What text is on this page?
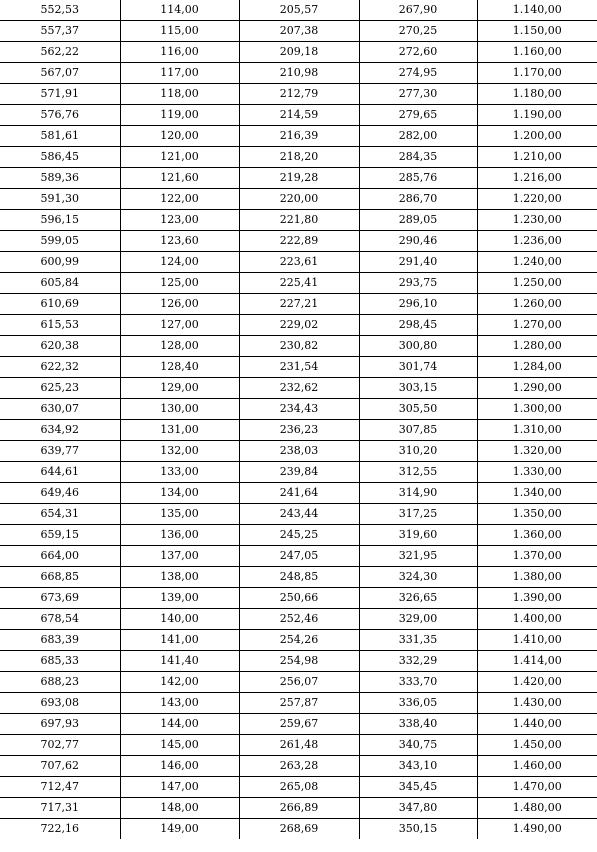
552,53	114,00	205,57	267,90	1.140,00
557,37	115,00	207,38	270,25	1.150,00
562,22	116,00	209,18	272,60	1.160,00
567,07	117,00	210,98	274,95	1.170,00
571,91	118,00	212,79	277,30	1.180,00
576,76	119,00	214,59	279,65	1.190,00
581,61	120,00	216,39	282,00	1.200,00
586,45	121,00	218,20	284,35	1.210,00
589,36	121,60	219,28	285,76	1.216,00
591,30	122,00	220,00	286,70	1.220,00
596,15	123,00	221,80	289,05	1.230,00
599,05	123,60	222,89	290,46	1.236,00
600,99	124,00	223,61	291,40	1.240,00
605,84	125,00	225,41	293,75	1.250,00
610,69	126,00	227,21	296,10	1.260,00
615,53	127,00	229,02	298,45	1.270,00
620,38	128,00	230,82	300,80	1.280,00
622,32	128,40	231,54	301,74	1.284,00
625,23	129,00	232,62	303,15	1.290,00
630,07	130,00	234,43	305,50	1.300,00
634,92	131,00	236,23	307,85	1.310,00
639,77	132,00	238,03	310,20	1.320,00
644,61	133,00	239,84	312,55	1.330,00
649,46	134,00	241,64	314,90	1.340,00
654,31	135,00	243,44	317,25	1.350,00
659,15	136,00	245,25	319,60	1.360,00
664,00	137,00	247,05	321,95	1.370,00
668,85	138,00	248,85	324,30	1.380,00
673,69	139,00	250,66	326,65	1.390,00
678,54	140,00	252,46	329,00	1.400,00
683,39	141,00	254,26	331,35	1.410,00
685,33	141,40	254,98	332,29	1.414,00
688,23	142,00	256,07	333,70	1.420,00
693,08	143,00	257,87	336,05	1.430,00
697,93	144,00	259,67	338,40	1.440,00
702,77	145,00	261,48	340,75	1.450,00
707,62	146,00	263,28	343,10	1.460,00
712,47	147,00	265,08	345,45	1.470,00
717,31	148,00	266,89	347,80	1.480,00
722,16	149,00	268,69	350,15	1.490,00
